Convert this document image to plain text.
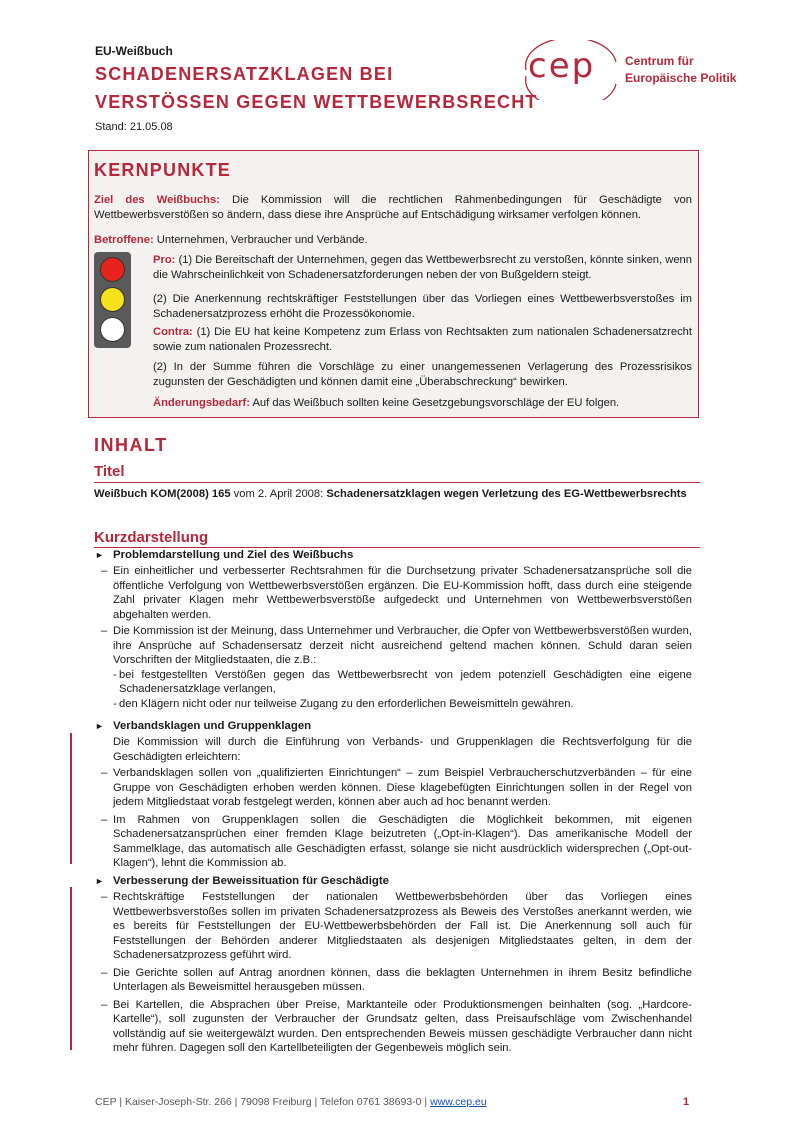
EU-Weißbuch
SCHADENERSATZKLAGEN BEI
VERSTÖSSEN GEGEN WETTBEWERBSRECHT
Stand: 21.05.08
cep Centrum für
Europäische Politik
KERNPUNKTE
Ziel des Weißbuchs: Die Kommission will die rechtlichen Rahmenbedingungen für Geschädigte von Wettbewerbsverstößen so ändern, dass diese ihre Ansprüche auf Entschädigung wirksamer verfolgen können.
Betroffene: Unternehmen, Verbraucher und Verbände.
Pro: (1) Die Bereitschaft der Unternehmen, gegen das Wettbewerbsrecht zu verstoßen, könnte sinken, wenn die Wahrscheinlichkeit von Schadenersatzforderungen neben der von Bußgeldern steigt.
(2) Die Anerkennung rechtskräftiger Feststellungen über das Vorliegen eines Wettbewerbsverstoßes im Schadenersatzprozess erhöht die Prozessökonomie.
Contra: (1) Die EU hat keine Kompetenz zum Erlass von Rechtsakten zum nationalen Schadenersatzrecht sowie zum nationalen Prozessrecht.
(2) In der Summe führen die Vorschläge zu einer unangemessenen Verlagerung des Prozessrisikos zugunsten der Geschädigten und können damit eine „Überabschreckung“ bewirken.
Änderungsbedarf: Auf das Weißbuch sollten keine Gesetzgebungsvorschläge der EU folgen.
INHALT
Titel
Weißbuch KOM(2008) 165 vom 2. April 2008: Schadenersatzklagen wegen Verletzung des EG-Wettbewerbsrechts
Kurzdarstellung
► Problemdarstellung und Ziel des Weißbuchs
– Ein einheitlicher und verbesserter Rechtsrahmen für die Durchsetzung privater Schadenersatzansprüche soll die öffentliche Verfolgung von Wettbewerbsverstößen ergänzen. Die EU-Kommission hofft, dass durch eine steigende Zahl privater Klagen mehr Wettbewerbsverstöße aufgedeckt und Unternehmen von Wettbewerbsverstößen abgehalten werden.
– Die Kommission ist der Meinung, dass Unternehmer und Verbraucher, die Opfer von Wettbewerbsverstößen wurden, ihre Ansprüche auf Schadensersatz derzeit nicht ausreichend geltend machen können. Schuld daran seien Vorschriften der Mitgliedstaaten, die z.B.:
- bei festgestellten Verstößen gegen das Wettbewerbsrecht von jedem potenziell Geschädigten eine eigene Schadenersatzklage verlangen,
- den Klägern nicht oder nur teilweise Zugang zu den erforderlichen Beweismitteln gewähren.
► Verbandsklagen und Gruppenklagen
Die Kommission will durch die Einführung von Verbands- und Gruppenklagen die Rechtsverfolgung für die Geschädigten erleichtern:
– Verbandsklagen sollen von „qualifizierten Einrichtungen“ – zum Beispiel Verbraucherschutzverbänden – für eine Gruppe von Geschädigten erhoben werden können. Diese klagebefügten Einrichtungen sollen in der Regel von jedem Mitgliedstaat vorab festgelegt werden, können aber auch ad hoc benannt werden.
– Im Rahmen von Gruppenklagen sollen die Geschädigten die Möglichkeit bekommen, mit eigenen Schadenersatzansprüchen einer fremden Klage beizutreten („Opt-in-Klagen“). Das amerikanische Modell der Sammelklage, das automatisch alle Geschädigten erfasst, solange sie nicht ausdrücklich widersprechen („Opt-out-Klagen“), lehnt die Kommission ab.
► Verbesserung der Beweissituation für Geschädigte
– Rechtskräftige Feststellungen der nationalen Wettbewerbsbehörden über das Vorliegen eines Wettbewerbsverstoßes sollen im privaten Schadenersatzprozess als Beweis des Verstoßes anerkannt werden, wie es bereits für Feststellungen der EU-Wettbewerbsbehörden der Fall ist. Die Anerkennung soll auch für Feststellungen der Behörden anderer Mitgliedstaaten als desjenigen Mitgliedstaates gelten, in dem der Schadenersatzprozess geführt wird.
– Die Gerichte sollen auf Antrag anordnen können, dass die beklagten Unternehmen in ihrem Besitz befindliche Unterlagen als Beweismittel herausgeben müssen.
– Bei Kartellen, die Absprachen über Preise, Marktanteile oder Produktionsmengen beinhalten (sog. „Hardcore-Kartelle“), soll zugunsten der Verbraucher der Grundsatz gelten, dass Preisaufschläge vom Zwischenhandel vollständig auf sie weitergewälzt wurden. Den entsprechenden Beweis müssen geschädigte Verbraucher dann nicht mehr führen. Dagegen soll den Kartellbeteiligten der Gegenbeweis möglich sein.
CEP | Kaiser-Joseph-Str. 266 | 79098 Freiburg | Telefon 0761 38693-0 | www.cep.eu	1
